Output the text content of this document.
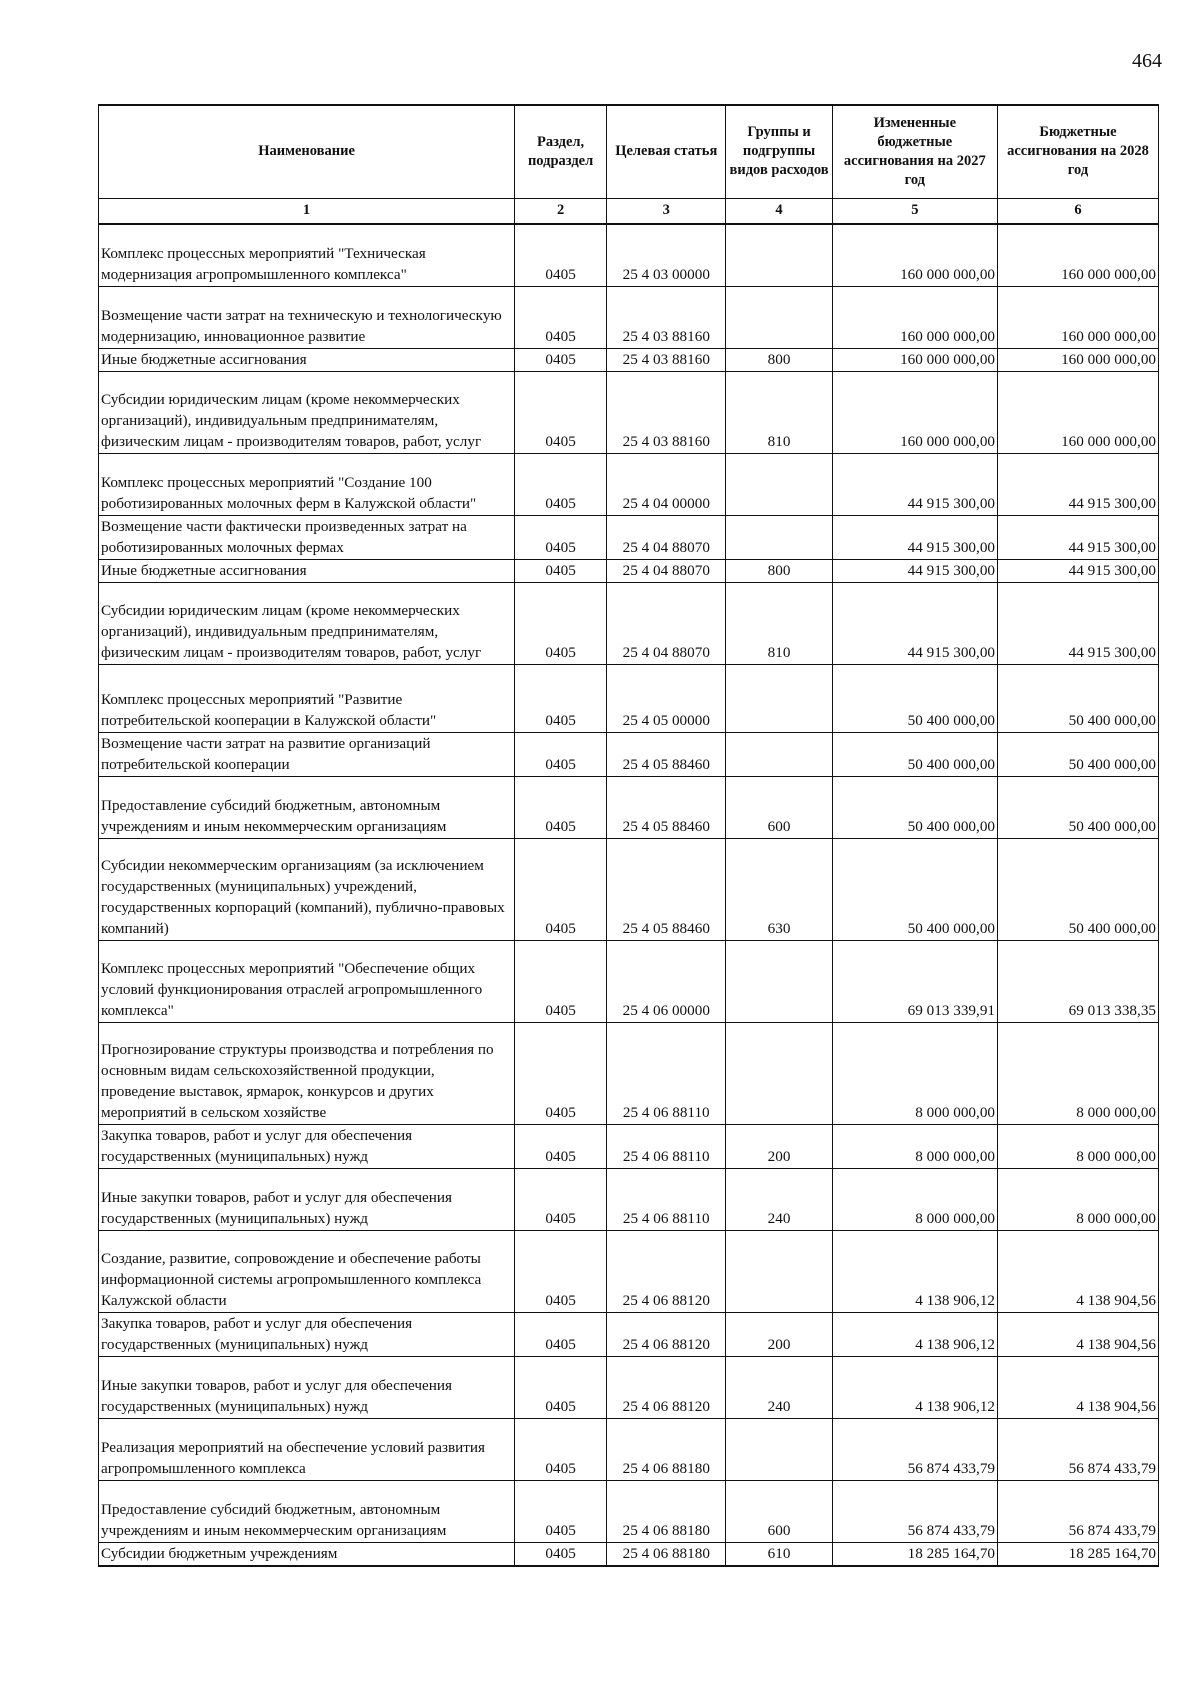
464
Наименование	Раздел, подраздел	Целевая статья	Группы и подгруппы видов расходов	Измененные бюджетные ассигнования на 2027 год	Бюджетные ассигнования на 2028 год
1	2	3	4	5	6
Комплекс процессных мероприятий "Техническая модернизация агропромышленного комплекса"	0405	25 4 03 00000		160 000 000,00	160 000 000,00
Возмещение части затрат на техническую и технологическую модернизацию, инновационное развитие	0405	25 4 03 88160		160 000 000,00	160 000 000,00
Иные бюджетные ассигнования	0405	25 4 03 88160	800	160 000 000,00	160 000 000,00
Субсидии юридическим лицам (кроме некоммерческих организаций), индивидуальным предпринимателям, физическим лицам - производителям товаров, работ, услуг	0405	25 4 03 88160	810	160 000 000,00	160 000 000,00
Комплекс процессных мероприятий "Создание 100 роботизированных молочных ферм в Калужской области"	0405	25 4 04 00000		44 915 300,00	44 915 300,00
Возмещение части фактически произведенных затрат на роботизированных молочных фермах	0405	25 4 04 88070		44 915 300,00	44 915 300,00
Иные бюджетные ассигнования	0405	25 4 04 88070	800	44 915 300,00	44 915 300,00
Субсидии юридическим лицам (кроме некоммерческих организаций), индивидуальным предпринимателям, физическим лицам - производителям товаров, работ, услуг	0405	25 4 04 88070	810	44 915 300,00	44 915 300,00
Комплекс процессных мероприятий "Развитие потребительской кооперации в Калужской области"	0405	25 4 05 00000		50 400 000,00	50 400 000,00
Возмещение части затрат на развитие организаций потребительской кооперации	0405	25 4 05 88460		50 400 000,00	50 400 000,00
Предоставление субсидий бюджетным, автономным учреждениям и иным некоммерческим организациям	0405	25 4 05 88460	600	50 400 000,00	50 400 000,00
Субсидии некоммерческим организациям (за исключением государственных (муниципальных) учреждений, государственных корпораций (компаний), публично-правовых компаний)	0405	25 4 05 88460	630	50 400 000,00	50 400 000,00
Комплекс процессных мероприятий "Обеспечение общих условий функционирования отраслей агропромышленного комплекса"	0405	25 4 06 00000		69 013 339,91	69 013 338,35
Прогнозирование структуры производства и потребления по основным видам сельскохозяйственной продукции, проведение выставок, ярмарок, конкурсов и других мероприятий в сельском хозяйстве	0405	25 4 06 88110		8 000 000,00	8 000 000,00
Закупка товаров, работ и услуг для обеспечения государственных (муниципальных) нужд	0405	25 4 06 88110	200	8 000 000,00	8 000 000,00
Иные закупки товаров, работ и услуг для обеспечения государственных (муниципальных) нужд	0405	25 4 06 88110	240	8 000 000,00	8 000 000,00
Создание, развитие, сопровождение и обеспечение работы информационной системы агропромышленного комплекса Калужской области	0405	25 4 06 88120		4 138 906,12	4 138 904,56
Закупка товаров, работ и услуг для обеспечения государственных (муниципальных) нужд	0405	25 4 06 88120	200	4 138 906,12	4 138 904,56
Иные закупки товаров, работ и услуг для обеспечения государственных (муниципальных) нужд	0405	25 4 06 88120	240	4 138 906,12	4 138 904,56
Реализация мероприятий на обеспечение условий развития агропромышленного комплекса	0405	25 4 06 88180		56 874 433,79	56 874 433,79
Предоставление субсидий бюджетным, автономным учреждениям и иным некоммерческим организациям	0405	25 4 06 88180	600	56 874 433,79	56 874 433,79
Субсидии бюджетным учреждениям	0405	25 4 06 88180	610	18 285 164,70	18 285 164,70
